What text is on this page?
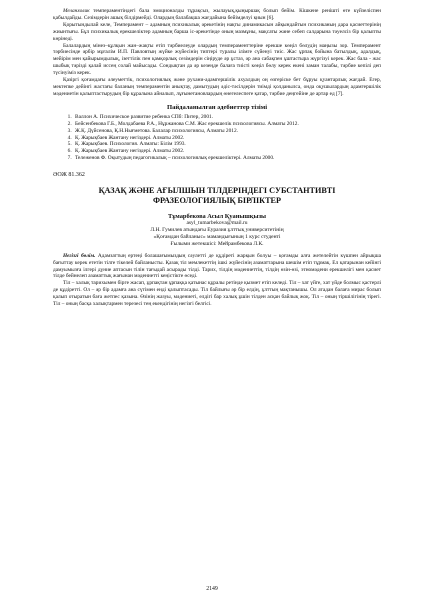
Меланхолик темпераментіндегі бала эмоционалды тұрақсыз, жылауық,қыңыршақ болып бейім. Кішкене ренішті өте күйзеліспен қабылдайды. Сезімдерін ашық білдірмейді. Олардың балабақша жағдайына бейімделуі қиын [6].

Қорытындылай келе, Темперамент – адамның психикалық әрекетінің нақты динамикасын айқындайтын психиканың дара қасиеттерінің жиынтығы. Бұл психикалық ерекшеліктер адамның барша іс-әрекетінде оның мазмұны, мақсаты және себеп салдарына тәуелсіз бір қалыпты көрінеді.

Балалардың мінез–құлқын жан–жақты етіп тәрбиелеуде олардың темпераменттеріне ерекше көңіл бөлудің маңызы зор. Темперамент тәрбиесінде әрбір мұғалім И.П. Павловтың жүйке жүйесінің типтері туралы ілімге сүйенуі тиіс. Жас ұрпақ бойына батылдық, адалдық, мейірім мен қайырымдылық, ізеттілік пен қамқорлық сезімдерін сіңіруде әр ұстаз, әр ана сабақпен ұштастыра жүргізуі керек. Жас бала - жас шыбық тәрізді қалай иссең солай майысады. Сондықтан да әр кезеңде балаға тиісті көңіл бөлу керек екені заман талабы, тәрбие кепілі деп түсінуіміз керек.

Қазіргі қоғамдағы әлеуметтік, психологиялық және рухани-адамгершілік ахуалдың оң өзгеріске бет бұруы қуантарлық жағдай. Егер, мектепке дейінгі жастағы баланың темпераментін анықтау, дамытудың әдіс-тәсілдерін тиімді қолданылса, онда оқушылардың адамгершілік мәдениетін қалыптастырудың бір құралына айналып, лұғынетановлардың өнегелеспеге қатар, тәрбие деңгейіне де артар ед [7].

Пайдаланылған әдебиеттер тізімі
1. Валлон А. Психическое развитие ребенка СПб: Питер, 2001.
2. Бейсенбекова Г.Б., Молдабаева Р.А., Нұржанова С.М. Жас ерекшелік психологиясы. Алматы 2012.
3. Ж.Қ. Дүйсенова, Қ.Н.Нығметова. Балалар психологиясы, Алматы 2012.
4. Қ. Жарықбаев Жантану негіздері. Алматы 2002.
5. Қ. Жарықбаев. Психология. Алматы: Білім 1993.
6. Қ. Жарықбаев Жантану негіздері. Алматы 2002.
7. Тележенов Ф. Оқытудың педагогикалық – психологиялық ерекшеліктері. Алматы 2000.
ӘОЖ 81.362
ҚАЗАҚ ЖӘНЕ АҒЫЛШЫН ТІЛДЕРІНДЕГІ СУБСТАНТИВТІ
ФРАЗЕОЛОГИЯЛЫҚ БІРЛІКТЕР
Тұмарбекова Асыл Қуанышқызы

asyl_tumarbekova@mail.ru

Л.Н. Гумилев атындағы Еуразия ұлттық университетінің

«Қоғамдан байланыс» мамандығының 1 курс студенті

Ғылыми жетекшісі: Мейрамбекова Л.К.

Негізгі бөлім. Адамзаттың ертеңі болашағымыздың сәулетті де құдіреті жарқын болуы – қоғамды алға жетелейтін күшпен айрықша бағыттау керек ететін тілге тікелей байланысты. Қазақ тіл мемлекеттің ішкі жүйесінің азаматтарына шешім етіп тұрмақ. Ел қатарынан кейінгі дамуымызға ілгері дүние аптасын тілін тағыдай асырады тілді. Тарих, тілдің мәдениеттің, тілдің өзін-өзі, этномәдени ерекшелігі мен қасиет тілде бейнелеп азаматтық жағынан мәдениетті кеңістікте өседі.

Тіл – халық тарихымен бірге жасап, ұрпақтан ұрпаққа қатынас құралы ретінде қызмет етіп келеді. Тіл – хат үйге, хат үйде болмыс қастерлі де құдіретті. Ол – әр бір адамға ана сүтімен енді қалыптасады. Тіл байлығы әр бір елдің, ұлттың мақтанышы. Ол атадан балаға мирас болып қалып отыратын баға жетпес қазына. Өзінің жазуы, мәдениеті, елдігі бар халық ұшін тілден асқан байлық жоқ. Тіл – оның тіршілігінің тірегі. Тіл – оның басқа халықтармен терезесі тең екендігінің негізгі белгісі.

2149
